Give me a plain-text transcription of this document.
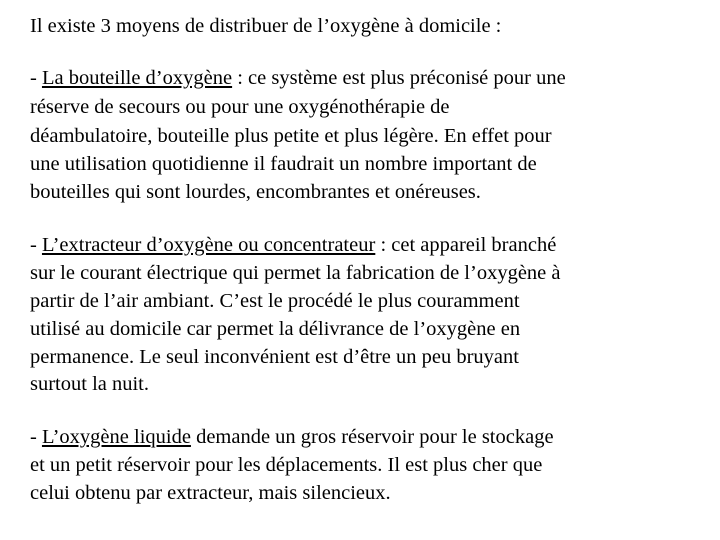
Il existe 3 moyens de distribuer de l’oxygène à domicile :
- La bouteille d’oxygène : ce système est plus préconisé pour une
réserve de secours ou pour une oxygénothérapie de
déambulatoire, bouteille plus petite et plus légère. En effet pour
une utilisation quotidienne il faudrait un nombre important de
bouteilles qui sont lourdes, encombrantes et onéreuses.
- L’extracteur d’oxygène ou concentrateur : cet appareil branché
sur le courant électrique qui permet la fabrication de l’oxygène à
partir de l’air ambiant. C’est le procédé le plus couramment
utilisé au domicile car permet la délivrance de l’oxygène en
permanence. Le seul inconvénient est d’être un peu bruyant
surtout la nuit.
- L’oxygène liquide demande un gros réservoir pour le stockage
et un petit réservoir pour les déplacements. Il est plus cher que
celui obtenu par extracteur, mais silencieux.
